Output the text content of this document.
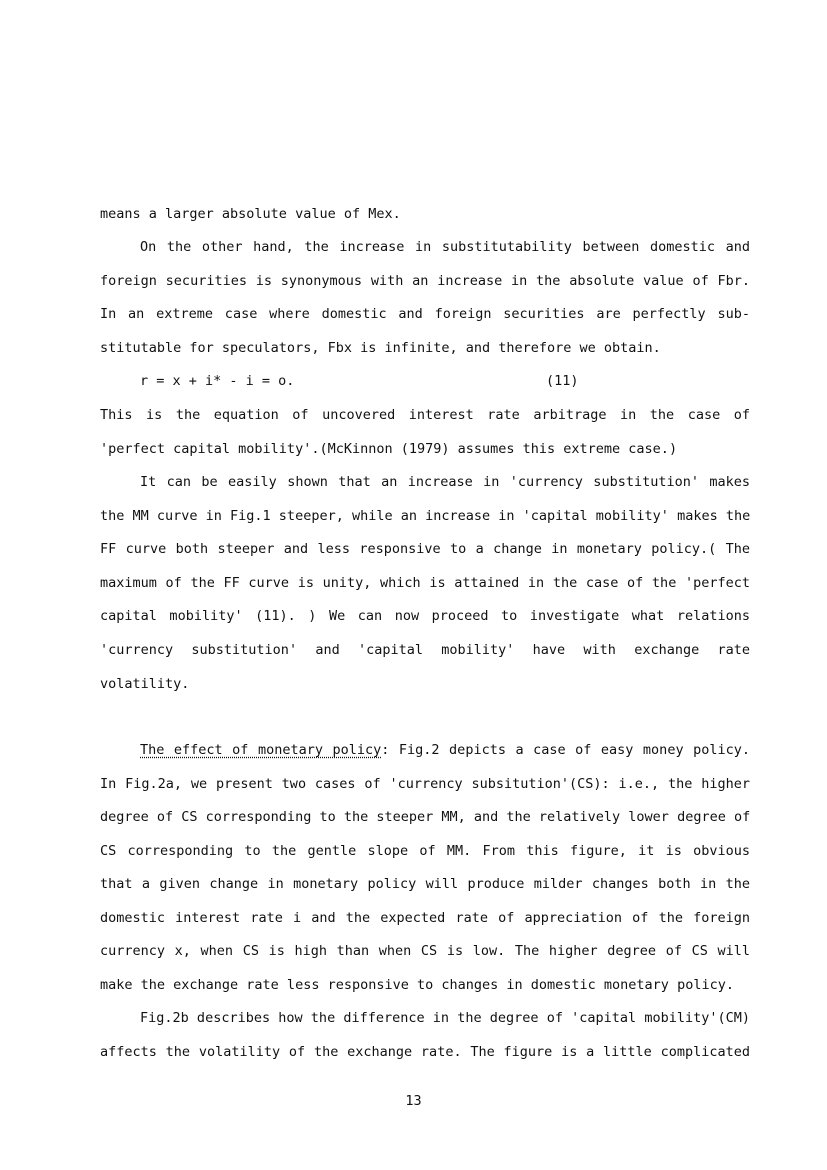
means a larger absolute value of Mex.
On the other hand, the increase in substitutability between domestic and
foreign securities is synonymous with an increase in the absolute value of Fbr.
In an extreme case where domestic and foreign securities are perfectly sub-
stitutable for speculators, Fbx is infinite, and therefore we obtain.
r = x + i* - i = o.	(11)
This is the equation of uncovered interest rate arbitrage in the case of
'perfect capital mobility'.(McKinnon (1979) assumes this extreme case.)
It can be easily shown that an increase in 'currency substitution' makes
the MM curve in Fig.1 steeper, while an increase in 'capital mobility' makes the
FF curve both steeper and less responsive to a change in monetary policy.( The
maximum of the FF curve is unity, which is attained in the case of the 'perfect
capital mobility' (11). ) We can now proceed to investigate what relations
'currency substitution' and 'capital mobility' have with exchange rate
volatility.
The effect of monetary policy: Fig.2 depicts a case of easy money policy.
In Fig.2a, we present two cases of 'currency subsitution'(CS): i.e., the higher
degree of CS corresponding to the steeper MM, and the relatively lower degree of
CS corresponding to the gentle slope of MM. From this figure, it is obvious
that a given change in monetary policy will produce milder changes both in the
domestic interest rate i and the expected rate of appreciation of the foreign
currency x, when CS is high than when CS is low. The higher degree of CS will
make the exchange rate less responsive to changes in domestic monetary policy.
Fig.2b describes how the difference in the degree of 'capital mobility'(CM)
affects the volatility of the exchange rate. The figure is a little complicated
13
